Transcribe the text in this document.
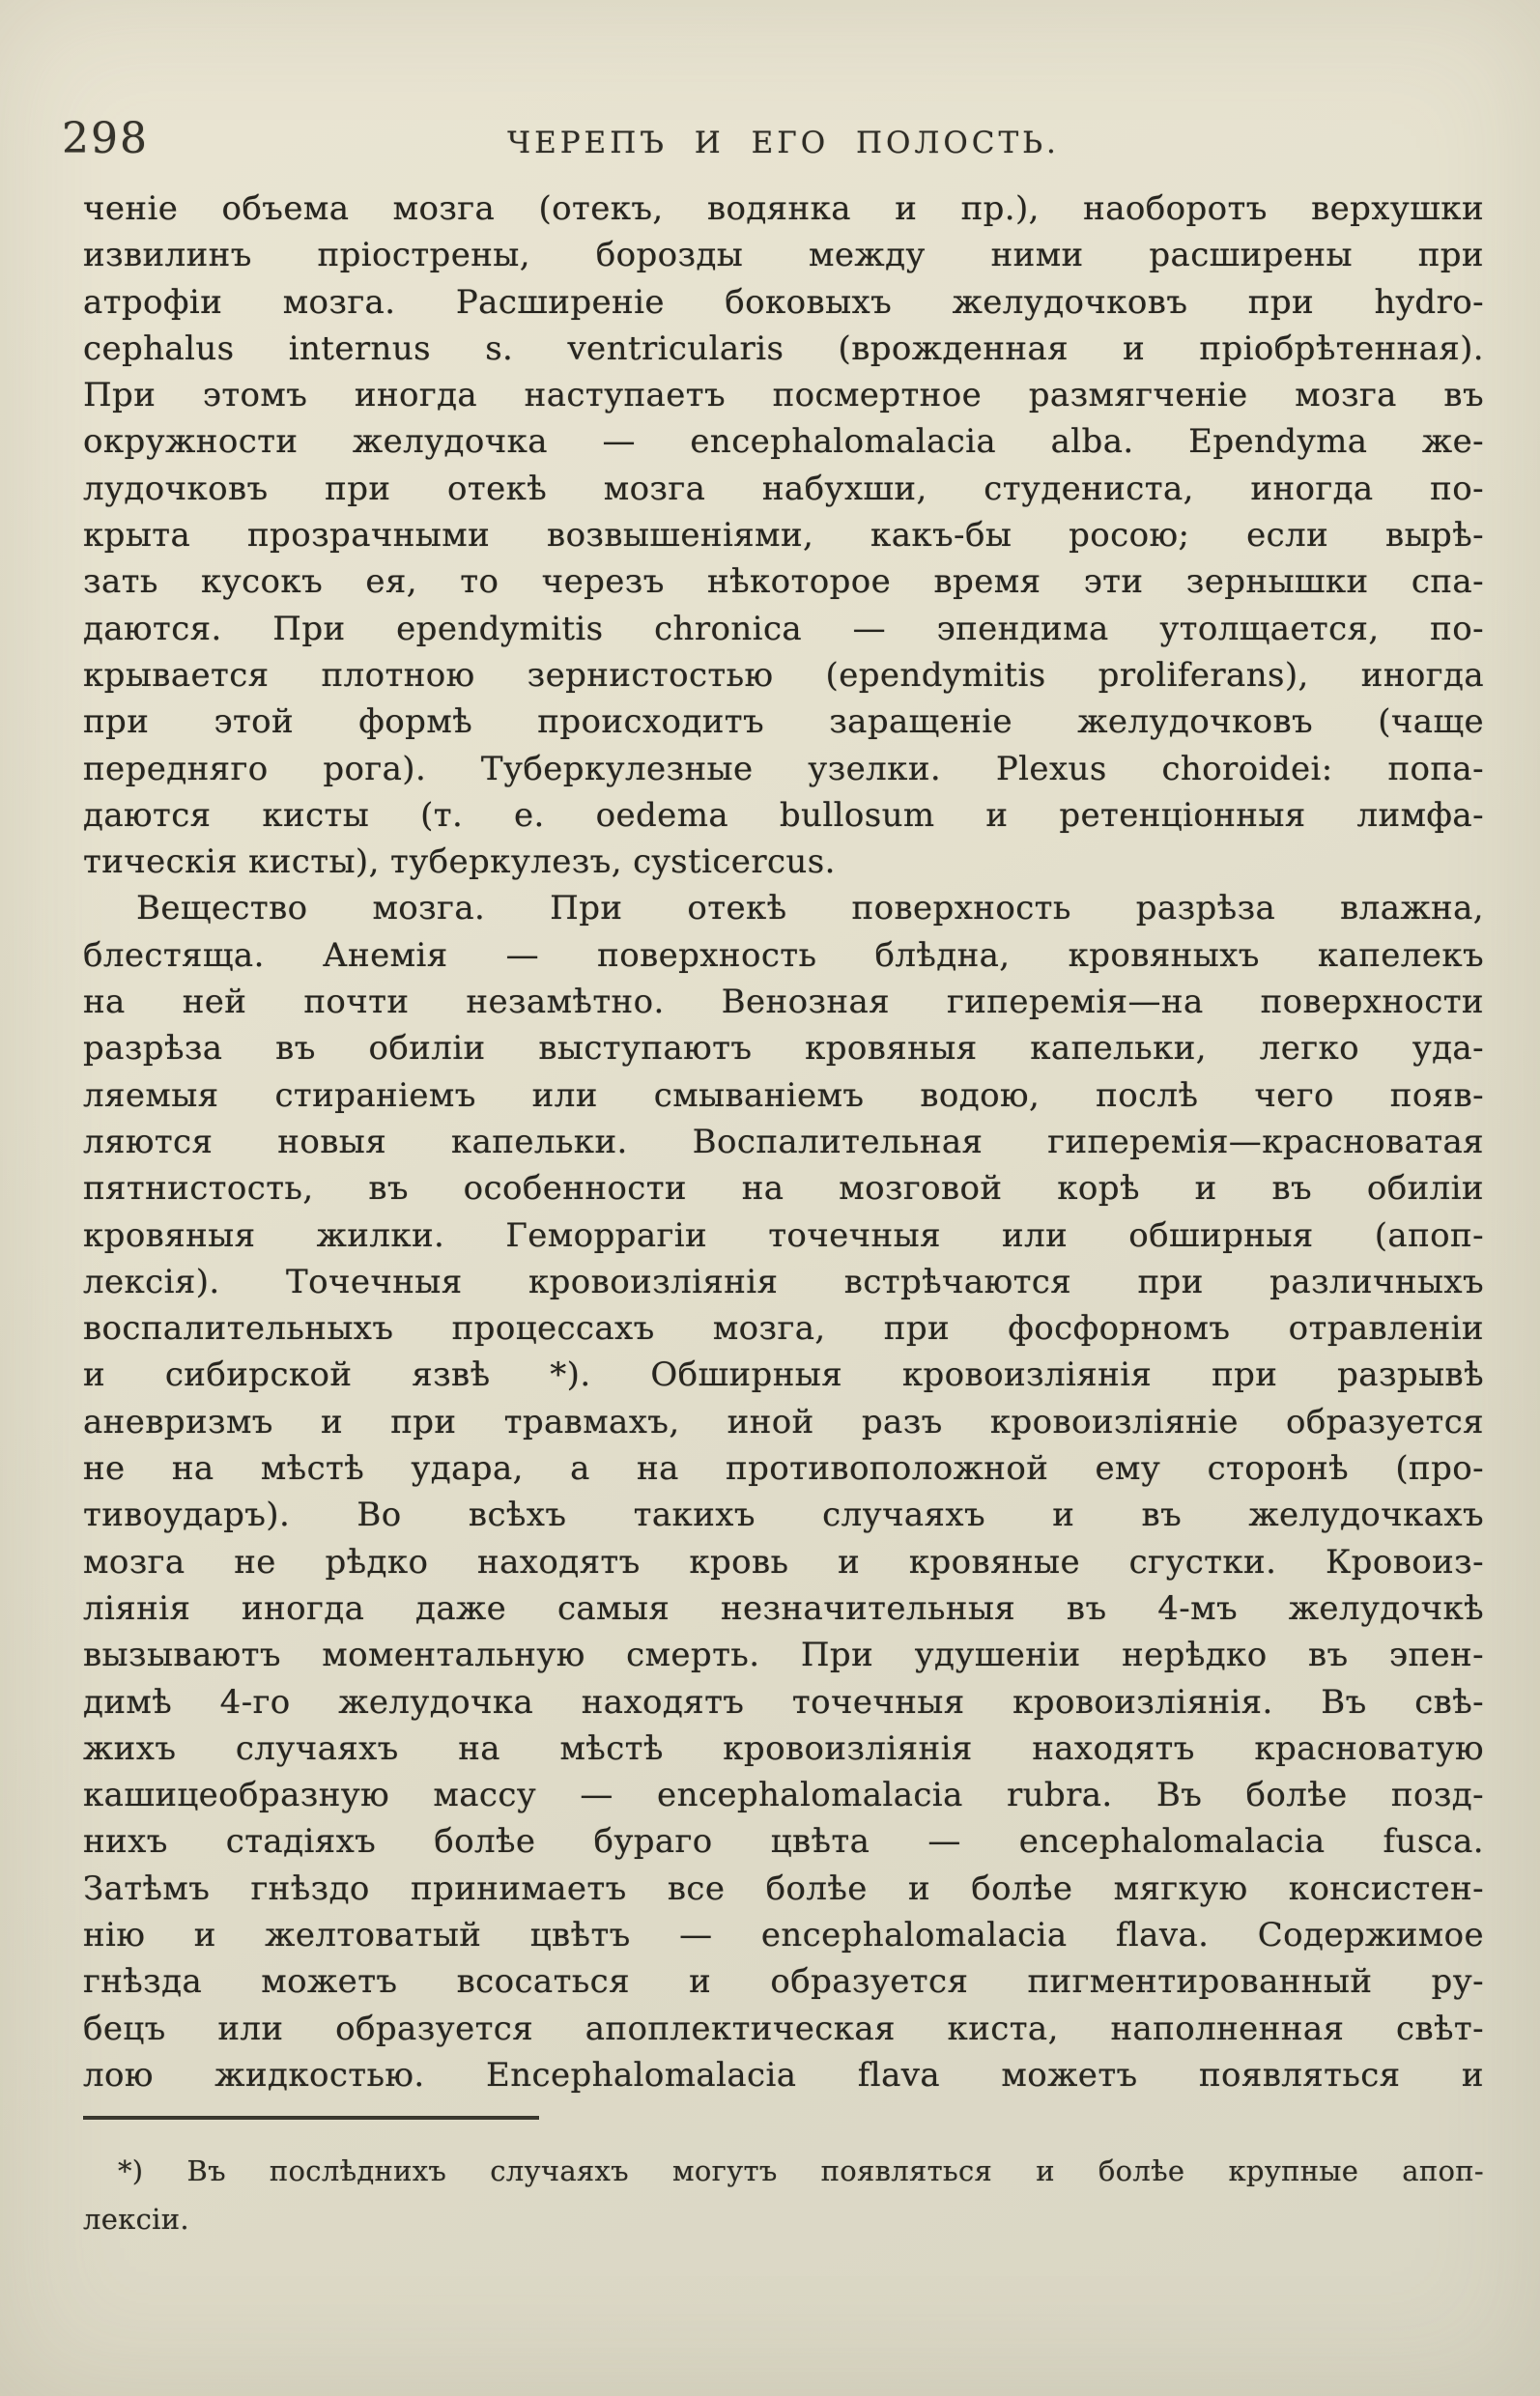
298	ЧЕРЕПЪ И ЕГО ПОЛОСТЬ.
ченіе объема мозга (отекъ, водянка и пр.), наоборотъ верхушки
извилинъ пріострены, борозды между ними расширены при
атрофіи мозга. Расширеніе боковыхъ желудочковъ при hydro-
cephalus internus s. ventricularis (врожденная и пріобрѣтенная).
При этомъ иногда наступаетъ посмертное размягченіе мозга въ
окружности желудочка — encephalomalacia alba. Ependyma же-
лудочковъ при отекѣ мозга набухши, студениста, иногда по-
крыта прозрачными возвышеніями, какъ-бы росою; если вырѣ-
зать кусокъ ея, то черезъ нѣкоторое время эти зернышки спа-
даются. При ependymitis chronica — эпендима утолщается, по-
крывается плотною зернистостью (ependymitis proliferans), иногда
при этой формѣ происходитъ заращеніе желудочковъ (чаще
передняго рога). Туберкулезные узелки. Plexus choroidei: попа-
даются кисты (т. е. oedema bullosum и ретенціонныя лимфа-
тическія кисты), туберкулезъ, cysticercus.
Вещество мозга. При отекѣ поверхность разрѣза влажна,
блестяща. Анемія — поверхность блѣдна, кровяныхъ капелекъ
на ней почти незамѣтно. Венозная гиперемія—на поверхности
разрѣза въ обиліи выступаютъ кровяныя капельки, легко уда-
ляемыя стираніемъ или смываніемъ водою, послѣ чего появ-
ляются новыя капельки. Воспалительная гиперемія—красноватая
пятнистость, въ особенности на мозговой корѣ и въ обиліи
кровяныя жилки. Геморрагіи точечныя или обширныя (апоп-
лексія). Точечныя кровоизліянія встрѣчаются при различныхъ
воспалительныхъ процессахъ мозга, при фосфорномъ отравленіи
и сибирской язвѣ *). Обширныя кровоизліянія при разрывѣ
аневризмъ и при травмахъ, иной разъ кровоизліяніе образуется
не на мѣстѣ удара, а на противоположной ему сторонѣ (про-
тивоударъ). Во всѣхъ такихъ случаяхъ и въ желудочкахъ
мозга не рѣдко находятъ кровь и кровяные сгустки. Кровоиз-
ліянія иногда даже самыя незначительныя въ 4-мъ желудочкѣ
вызываютъ моментальную смерть. При удушеніи нерѣдко въ эпен-
димѣ 4-го желудочка находятъ точечныя кровоизліянія. Въ свѣ-
жихъ случаяхъ на мѣстѣ кровоизліянія находятъ красноватую
кашицеобразную массу — encephalomalacia rubra. Въ болѣе позд-
нихъ стадіяхъ болѣе бураго цвѣта — encephalomalacia fusca.
Затѣмъ гнѣздо принимаетъ все болѣе и болѣе мягкую консистен-
нію и желтоватый цвѣтъ — encephalomalacia flava. Содержимое
гнѣзда можетъ всосаться и образуется пигментированный ру-
бецъ или образуется апоплектическая киста, наполненная свѣт-
лою жидкостью. Encephalomalacia flava можетъ появляться и
*) Въ послѣднихъ случаяхъ могутъ появляться и болѣе крупные апоп-
лексіи.
